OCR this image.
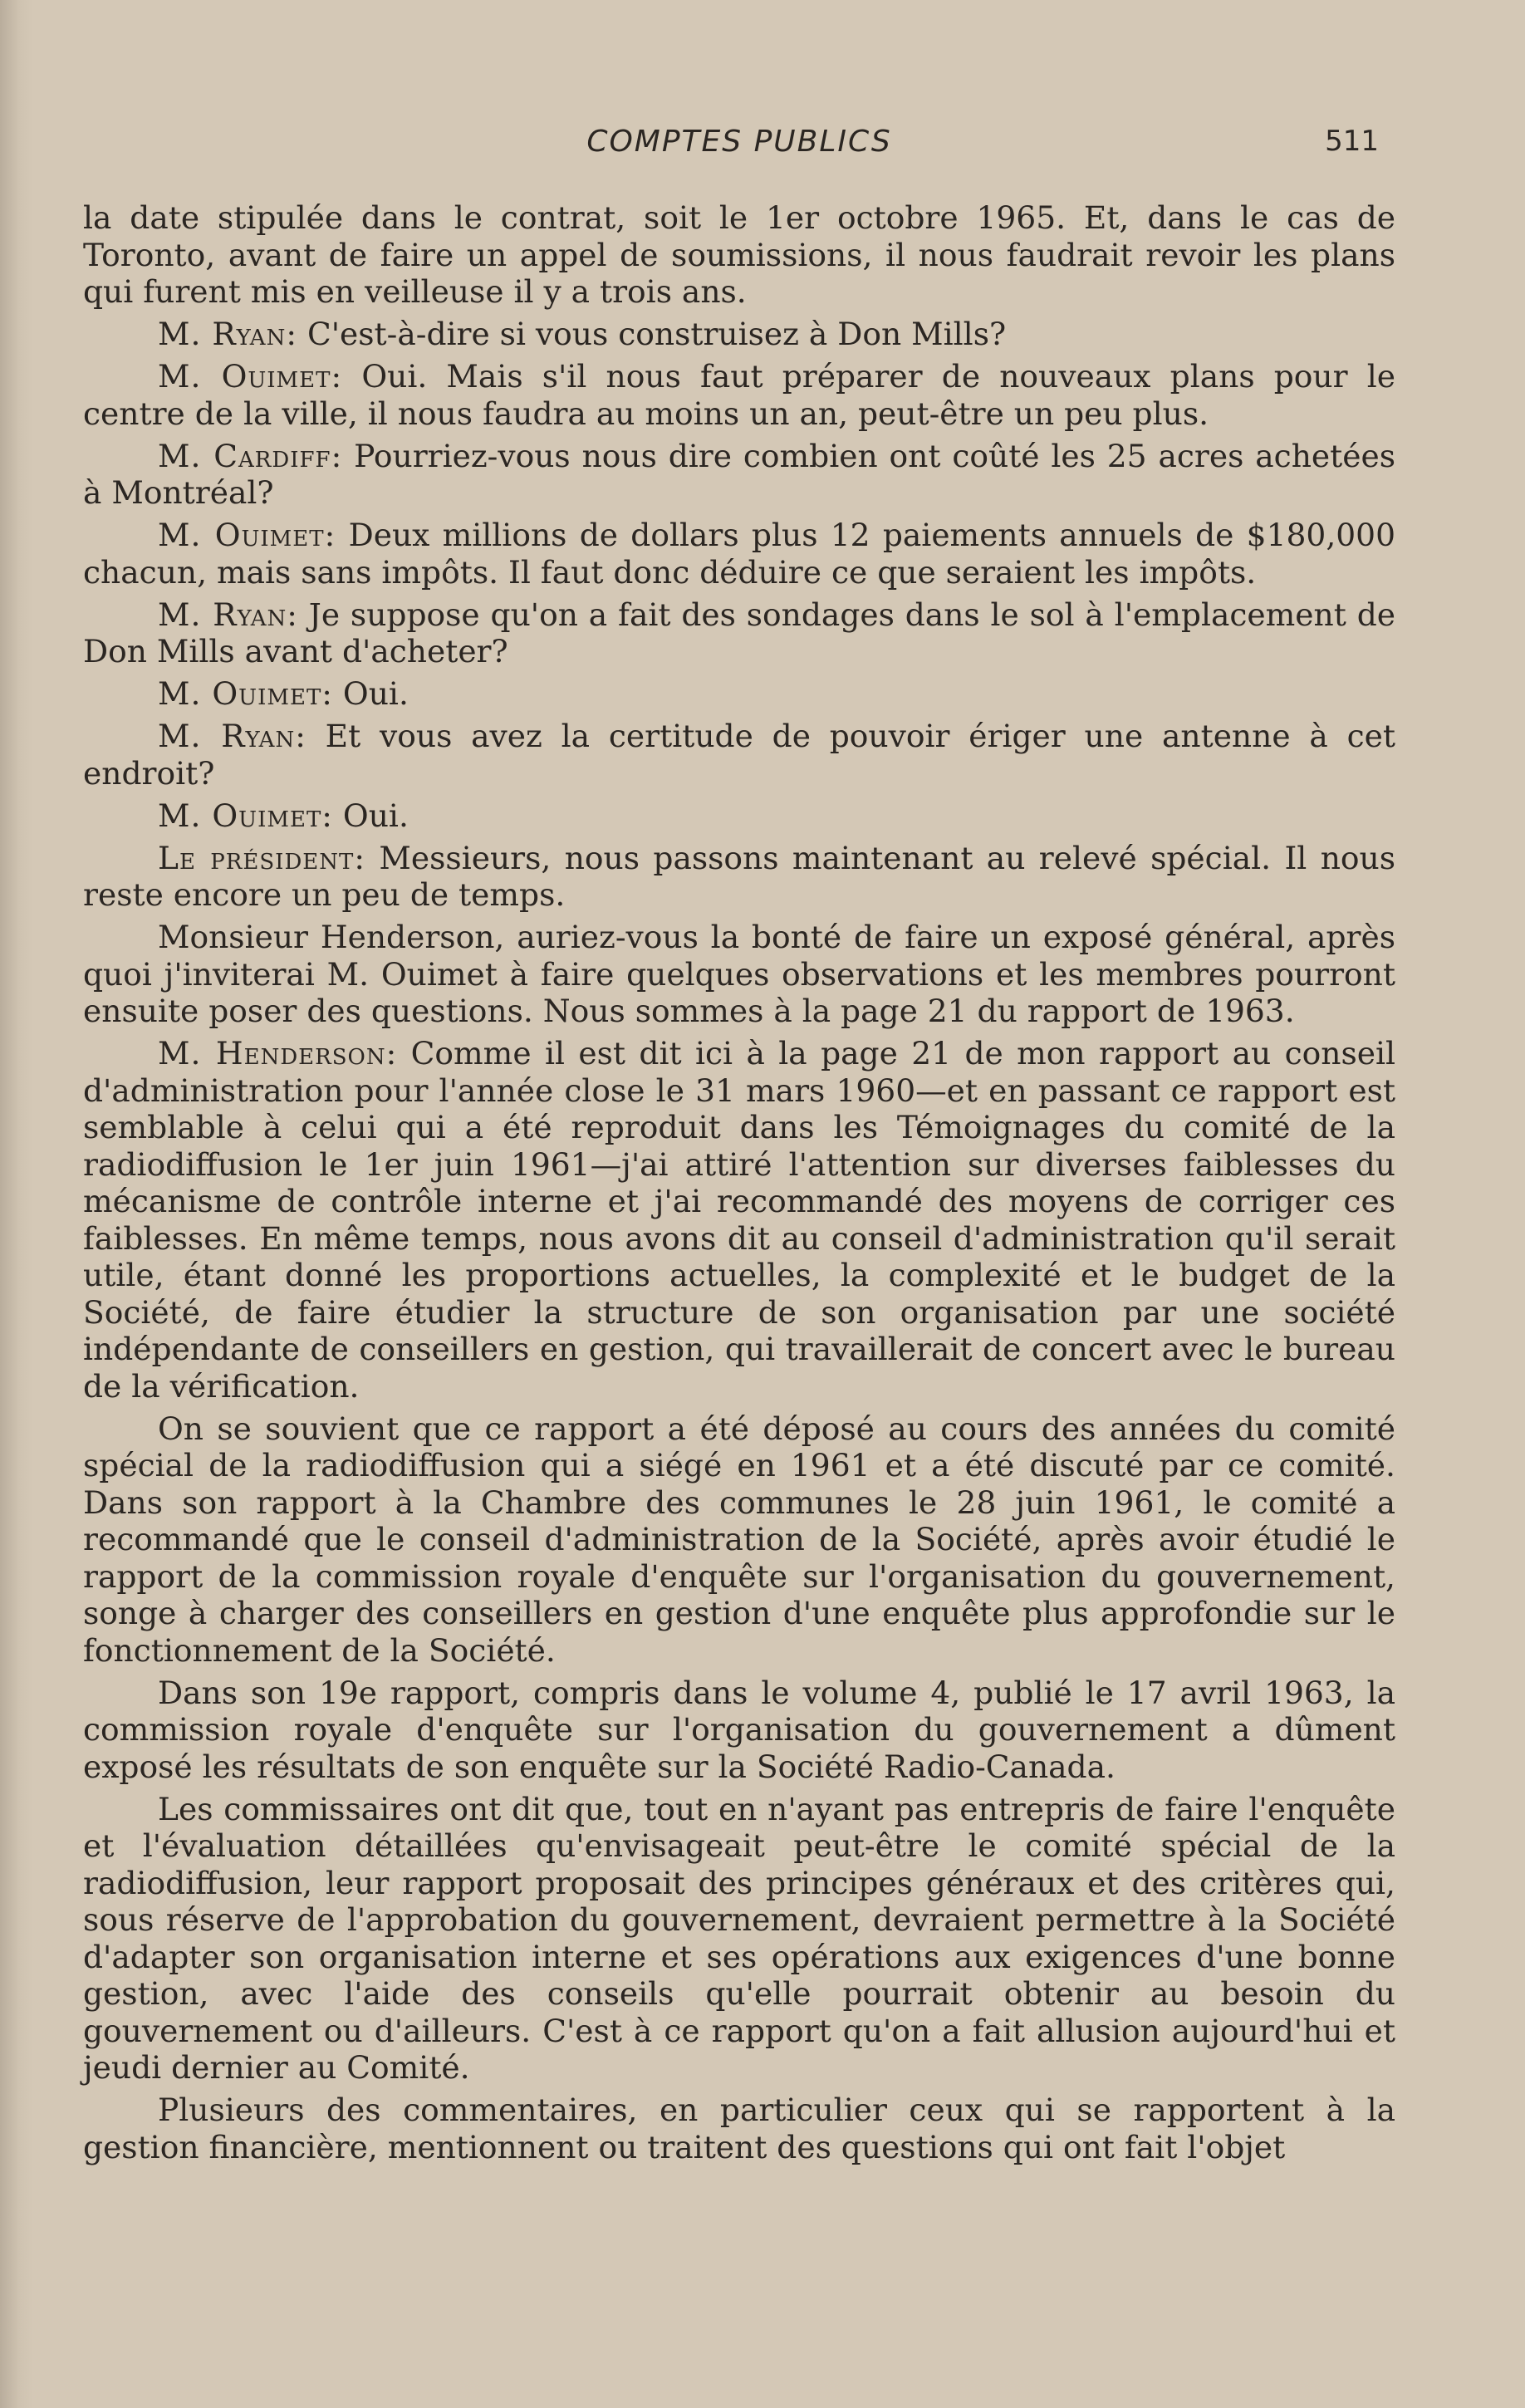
COMPTES PUBLICS	511

la date stipulée dans le contrat, soit le 1er octobre 1965. Et, dans le cas de Toronto, avant de faire un appel de soumissions, il nous faudrait revoir les plans qui furent mis en veilleuse il y a trois ans.

M. Ryan: C'est-à-dire si vous construisez à Don Mills?

M. Ouimet: Oui. Mais s'il nous faut préparer de nouveaux plans pour le centre de la ville, il nous faudra au moins un an, peut-être un peu plus.

M. Cardiff: Pourriez-vous nous dire combien ont coûté les 25 acres achetées à Montréal?

M. Ouimet: Deux millions de dollars plus 12 paiements annuels de $180,000 chacun, mais sans impôts. Il faut donc déduire ce que seraient les impôts.

M. Ryan: Je suppose qu'on a fait des sondages dans le sol à l'emplacement de Don Mills avant d'acheter?

M. Ouimet: Oui.

M. Ryan: Et vous avez la certitude de pouvoir ériger une antenne à cet endroit?

M. Ouimet: Oui.

Le président: Messieurs, nous passons maintenant au relevé spécial. Il nous reste encore un peu de temps.

Monsieur Henderson, auriez-vous la bonté de faire un exposé général, après quoi j'inviterai M. Ouimet à faire quelques observations et les membres pourront ensuite poser des questions. Nous sommes à la page 21 du rapport de 1963.

M. Henderson: Comme il est dit ici à la page 21 de mon rapport au conseil d'administration pour l'année close le 31 mars 1960—et en passant ce rapport est semblable à celui qui a été reproduit dans les Témoignages du comité de la radiodiffusion le 1er juin 1961—j'ai attiré l'attention sur diverses faiblesses du mécanisme de contrôle interne et j'ai recommandé des moyens de corriger ces faiblesses. En même temps, nous avons dit au conseil d'administration qu'il serait utile, étant donné les proportions actuelles, la complexité et le budget de la Société, de faire étudier la structure de son organisation par une société indépendante de conseillers en gestion, qui travaillerait de concert avec le bureau de la vérification.

On se souvient que ce rapport a été déposé au cours des années du comité spécial de la radiodiffusion qui a siégé en 1961 et a été discuté par ce comité. Dans son rapport à la Chambre des communes le 28 juin 1961, le comité a recommandé que le conseil d'administration de la Société, après avoir étudié le rapport de la commission royale d'enquête sur l'organisation du gouvernement, songe à charger des conseillers en gestion d'une enquête plus approfondie sur le fonctionnement de la Société.

Dans son 19e rapport, compris dans le volume 4, publié le 17 avril 1963, la commission royale d'enquête sur l'organisation du gouvernement a dûment exposé les résultats de son enquête sur la Société Radio-Canada.

Les commissaires ont dit que, tout en n'ayant pas entrepris de faire l'enquête et l'évaluation détaillées qu'envisageait peut-être le comité spécial de la radiodiffusion, leur rapport proposait des principes généraux et des critères qui, sous réserve de l'approbation du gouvernement, devraient permettre à la Société d'adapter son organisation interne et ses opérations aux exigences d'une bonne gestion, avec l'aide des conseils qu'elle pourrait obtenir au besoin du gouvernement ou d'ailleurs. C'est à ce rapport qu'on a fait allusion aujourd'hui et jeudi dernier au Comité.

Plusieurs des commentaires, en particulier ceux qui se rapportent à la gestion financière, mentionnent ou traitent des questions qui ont fait l'objet
